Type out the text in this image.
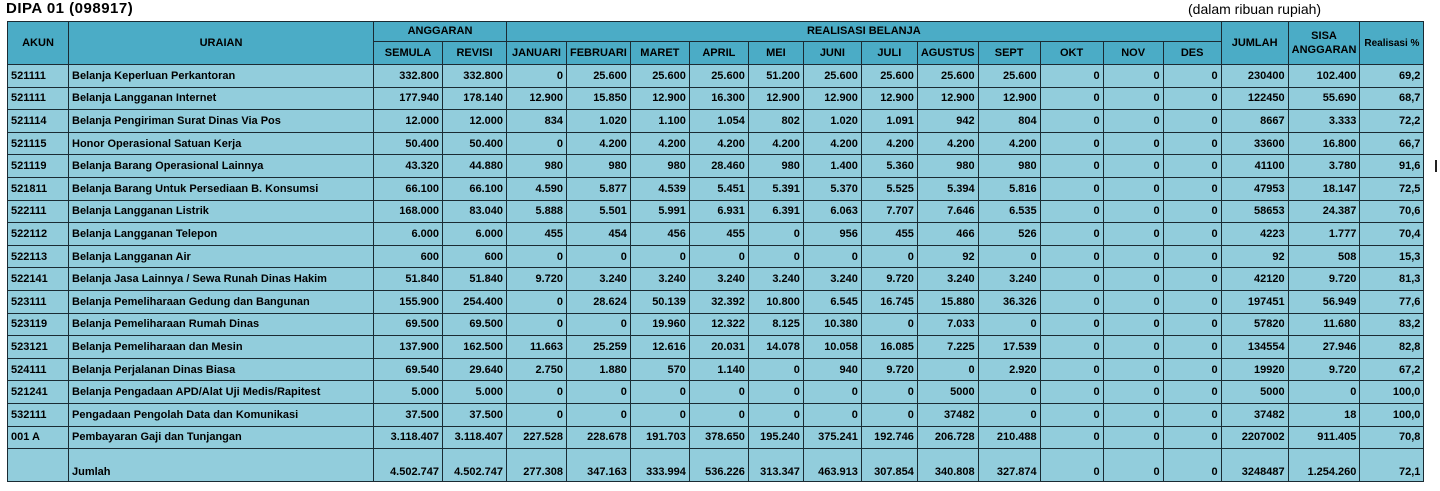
DIPA 01 (098917)	(dalam ribuan rupiah)
AKUN	URAIAN	ANGGARAN		REALISASI BELANJA												JUMLAH	SISA ANGGARAN	Realisasi %
		SEMULA	REVISI	JANUARI	FEBRUARI	MARET	APRIL	MEI	JUNI	JULI	AGUSTUS	SEPT	OKT	NOV	DES			
521111	Belanja Keperluan Perkantoran	332.800	332.800	0	25.600	25.600	25.600	51.200	25.600	25.600	25.600	25.600	0	0	0	230400	102.400	69,2
521111	Belanja Langganan Internet	177.940	178.140	12.900	15.850	12.900	16.300	12.900	12.900	12.900	12.900	12.900	0	0	0	122450	55.690	68,7
521114	Belanja Pengiriman Surat Dinas Via Pos	12.000	12.000	834	1.020	1.100	1.054	802	1.020	1.091	942	804	0	0	0	8667	3.333	72,2
521115	Honor Operasional Satuan Kerja	50.400	50.400	0	4.200	4.200	4.200	4.200	4.200	4.200	4.200	4.200	0	0	0	33600	16.800	66,7
521119	Belanja Barang Operasional Lainnya	43.320	44.880	980	980	980	28.460	980	1.400	5.360	980	980	0	0	0	41100	3.780	91,6
521811	Belanja Barang Untuk Persediaan B. Konsumsi	66.100	66.100	4.590	5.877	4.539	5.451	5.391	5.370	5.525	5.394	5.816	0	0	0	47953	18.147	72,5
522111	Belanja Langganan Listrik	168.000	83.040	5.888	5.501	5.991	6.931	6.391	6.063	7.707	7.646	6.535	0	0	0	58653	24.387	70,6
522112	Belanja Langganan Telepon	6.000	6.000	455	454	456	455	0	956	455	466	526	0	0	0	4223	1.777	70,4
522113	Belanja Langganan Air	600	600	0	0	0	0	0	0	0	92	0	0	0	0	92	508	15,3
522141	Belanja Jasa Lainnya / Sewa Runah Dinas Hakim	51.840	51.840	9.720	3.240	3.240	3.240	3.240	3.240	9.720	3.240	3.240	0	0	0	42120	9.720	81,3
523111	Belanja Pemeliharaan Gedung dan Bangunan	155.900	254.400	0	28.624	50.139	32.392	10.800	6.545	16.745	15.880	36.326	0	0	0	197451	56.949	77,6
523119	Belanja Pemeliharaan Rumah Dinas	69.500	69.500	0	0	19.960	12.322	8.125	10.380	0	7.033	0	0	0	0	57820	11.680	83,2
523121	Belanja Pemeliharaan dan Mesin	137.900	162.500	11.663	25.259	12.616	20.031	14.078	10.058	16.085	7.225	17.539	0	0	0	134554	27.946	82,8
524111	Belanja Perjalanan Dinas Biasa	69.540	29.640	2.750	1.880	570	1.140	0	940	9.720	0	2.920	0	0	0	19920	9.720	67,2
521241	Belanja Pengadaan APD/Alat Uji Medis/Rapitest	5.000	5.000	0	0	0	0	0	0	0	5000	0	0	0	0	5000	0	100,0
532111	Pengadaan Pengolah Data dan Komunikasi	37.500	37.500	0	0	0	0	0	0	0	37482	0	0	0	0	37482	18	100,0
001 A	Pembayaran Gaji dan Tunjangan	3.118.407	3.118.407	227.528	228.678	191.703	378.650	195.240	375.241	192.746	206.728	210.488	0	0	0	2207002	911.405	70,8
	Jumlah	4.502.747	4.502.747	277.308	347.163	333.994	536.226	313.347	463.913	307.854	340.808	327.874	0	0	0	3248487	1.254.260	72,1
